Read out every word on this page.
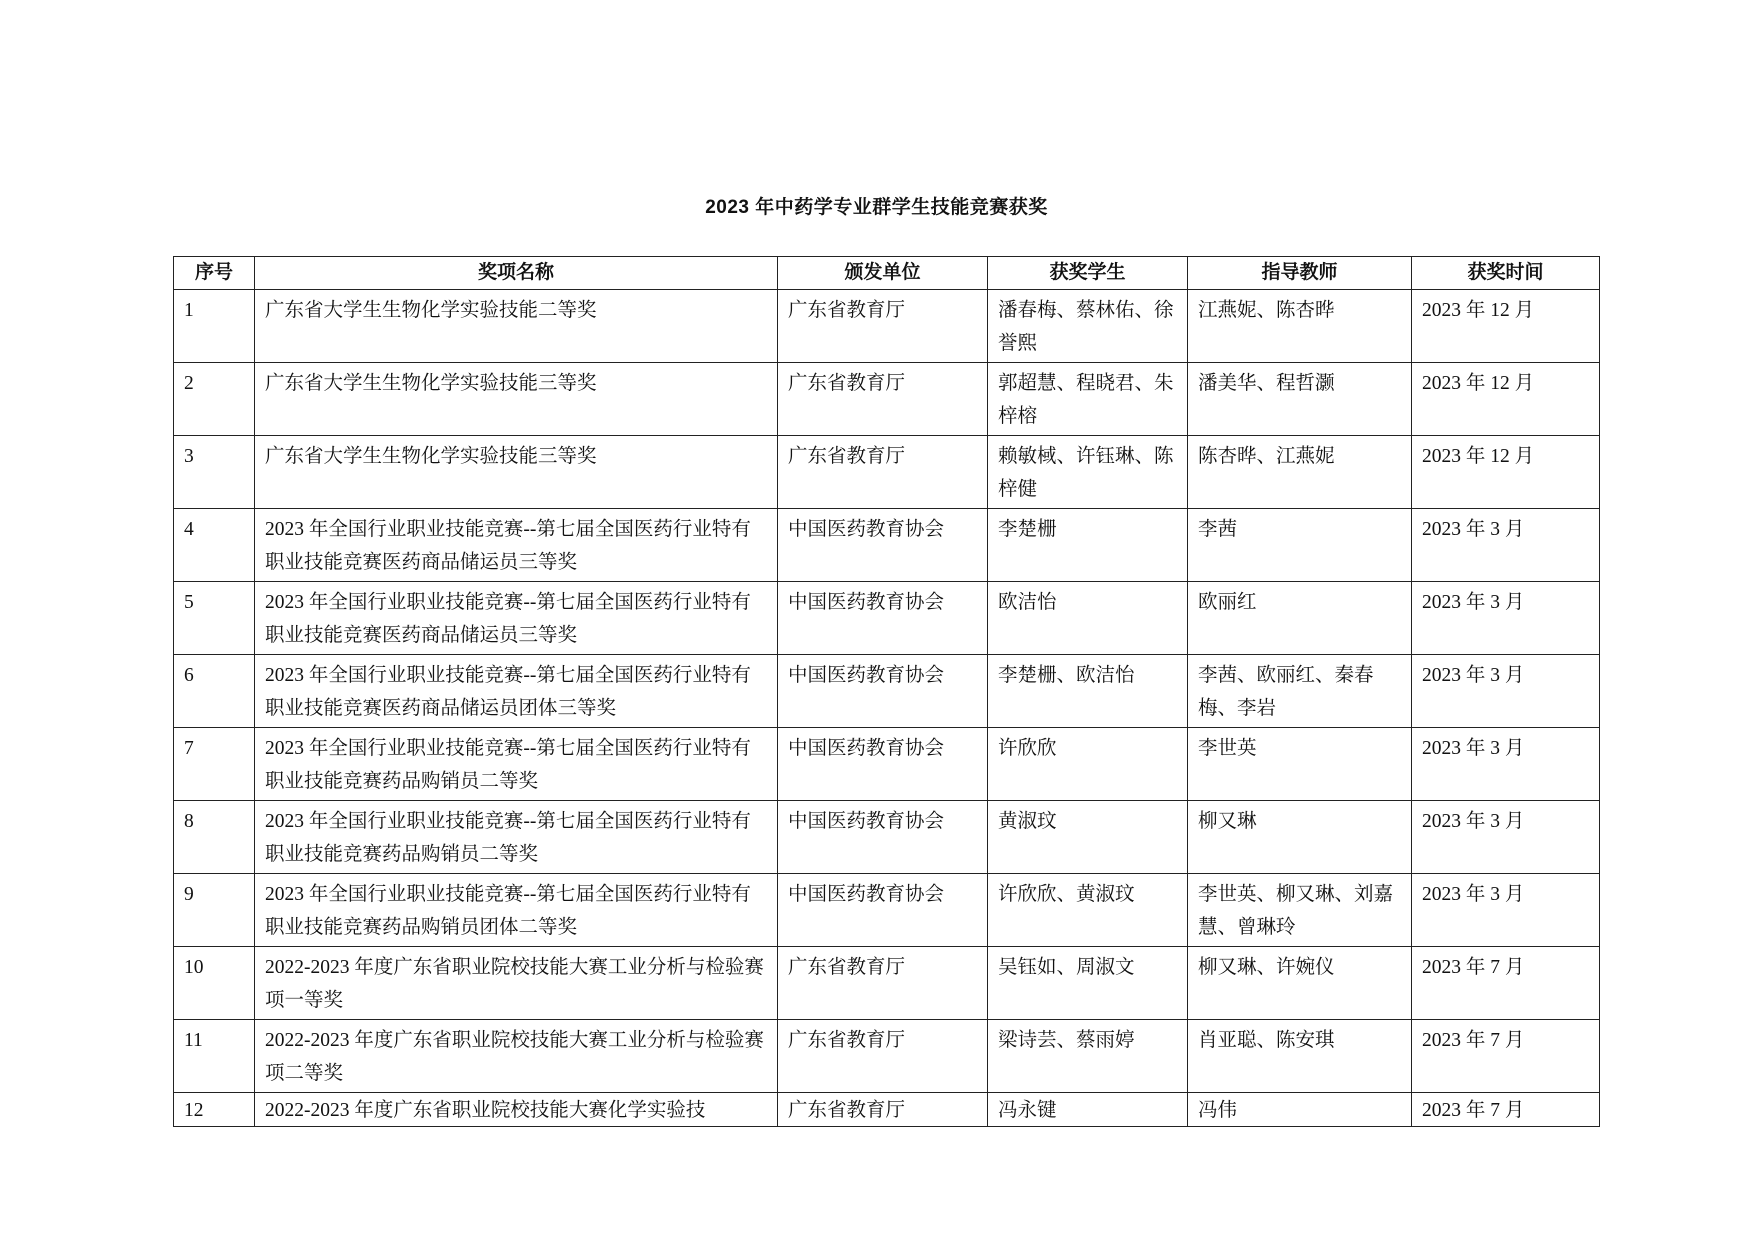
2023 年中药学专业群学生技能竞赛获奖
序号	奖项名称	颁发单位	获奖学生	指导教师	获奖时间
1	广东省大学生生物化学实验技能二等奖	广东省教育厅	潘春梅、蔡林佑、徐誉熙	江燕妮、陈杏晔	2023 年 12 月
2	广东省大学生生物化学实验技能三等奖	广东省教育厅	郭超慧、程晓君、朱梓榕	潘美华、程哲灏	2023 年 12 月
3	广东省大学生生物化学实验技能三等奖	广东省教育厅	赖敏棫、许钰琳、陈梓健	陈杏晔、江燕妮	2023 年 12 月
4	2023 年全国行业职业技能竞赛--第七届全国医药行业特有职业技能竞赛医药商品储运员三等奖	中国医药教育协会	李楚栅	李茜	2023 年 3 月
5	2023 年全国行业职业技能竞赛--第七届全国医药行业特有职业技能竞赛医药商品储运员三等奖	中国医药教育协会	欧洁怡	欧丽红	2023 年 3 月
6	2023 年全国行业职业技能竞赛--第七届全国医药行业特有职业技能竞赛医药商品储运员团体三等奖	中国医药教育协会	李楚栅、欧洁怡	李茜、欧丽红、秦春梅、李岩	2023 年 3 月
7	2023 年全国行业职业技能竞赛--第七届全国医药行业特有职业技能竞赛药品购销员二等奖	中国医药教育协会	许欣欣	李世英	2023 年 3 月
8	2023 年全国行业职业技能竞赛--第七届全国医药行业特有职业技能竞赛药品购销员二等奖	中国医药教育协会	黄淑玟	柳又琳	2023 年 3 月
9	2023 年全国行业职业技能竞赛--第七届全国医药行业特有职业技能竞赛药品购销员团体二等奖	中国医药教育协会	许欣欣、黄淑玟	李世英、柳又琳、刘嘉慧、曾琳玲	2023 年 3 月
10	2022-2023 年度广东省职业院校技能大赛工业分析与检验赛项一等奖	广东省教育厅	吴钰如、周淑文	柳又琳、许婉仪	2023 年 7 月
11	2022-2023 年度广东省职业院校技能大赛工业分析与检验赛项二等奖	广东省教育厅	梁诗芸、蔡雨婷	肖亚聪、陈安琪	2023 年 7 月
12	2022-2023 年度广东省职业院校技能大赛化学实验技	广东省教育厅	冯永键	冯伟	2023 年 7 月
